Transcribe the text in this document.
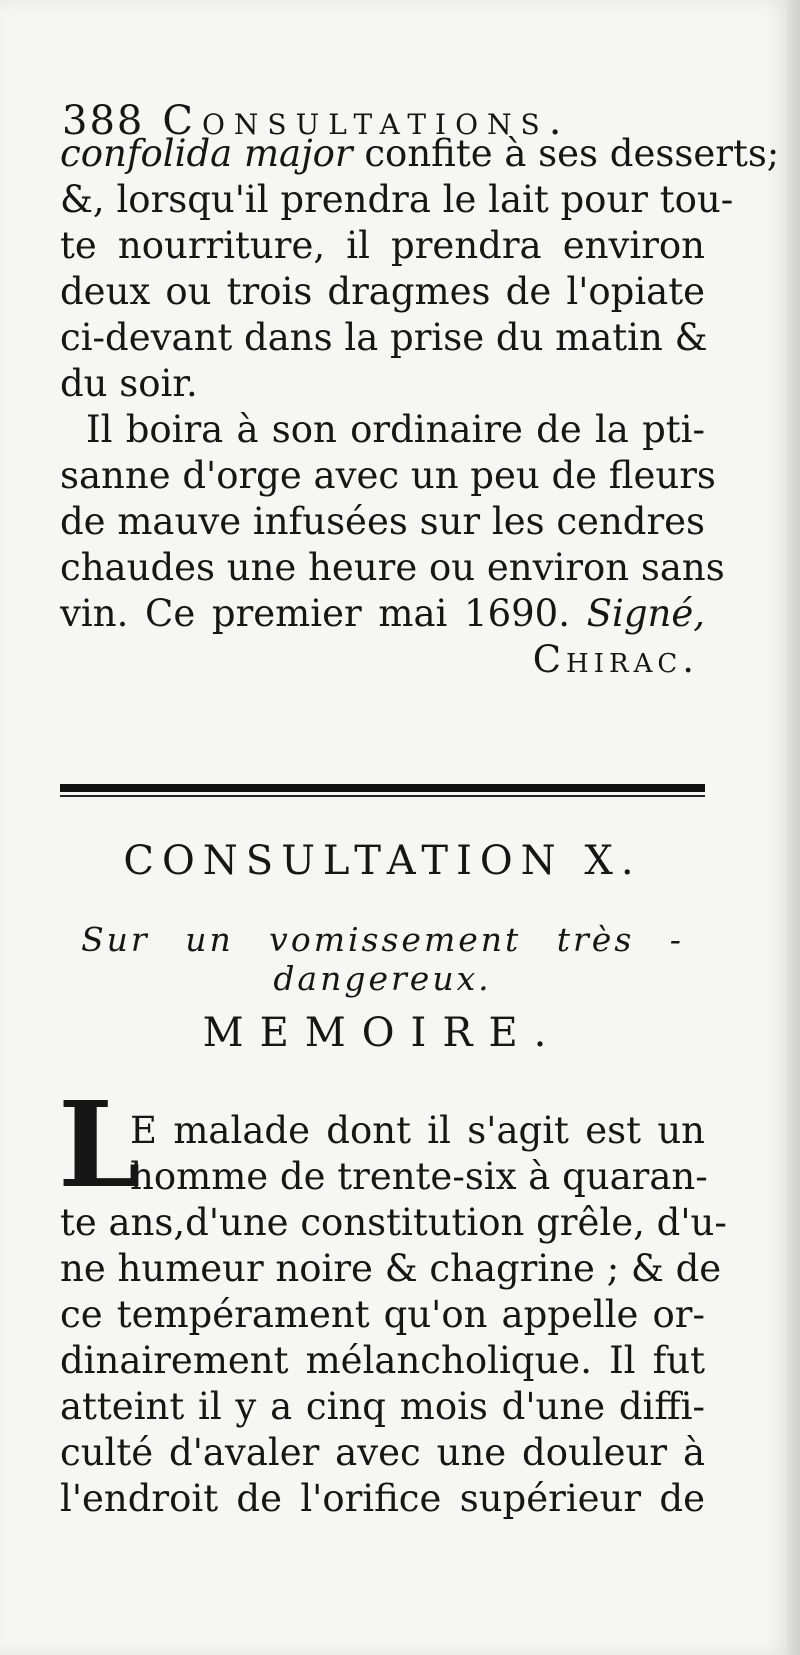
388 Consultations.
confolida major confite à ses desserts;
&, lorsqu'il prendra le lait pour tou-
te nourriture, il prendra environ
deux ou trois dragmes de l'opiate
ci-devant dans la prise du matin &
du soir.
Il boira à son ordinaire de la pti-
sanne d'orge avec un peu de fleurs
de mauve infusées sur les cendres
chaudes une heure ou environ sans
vin. Ce premier mai 1690. Signé,
Chirac.
CONSULTATION X.
Sur un vomissement très - dangereux.
MEMOIRE.
L
E malade dont il s'agit est un
homme de trente-six à quaran-
te ans,d'une constitution grêle, d'u-
ne humeur noire & chagrine ; & de
ce tempérament qu'on appelle or-
dinairement mélancholique. Il fut
atteint il y a cinq mois d'une diffi-
culté d'avaler avec une douleur à
l'endroit de l'orifice supérieur de
